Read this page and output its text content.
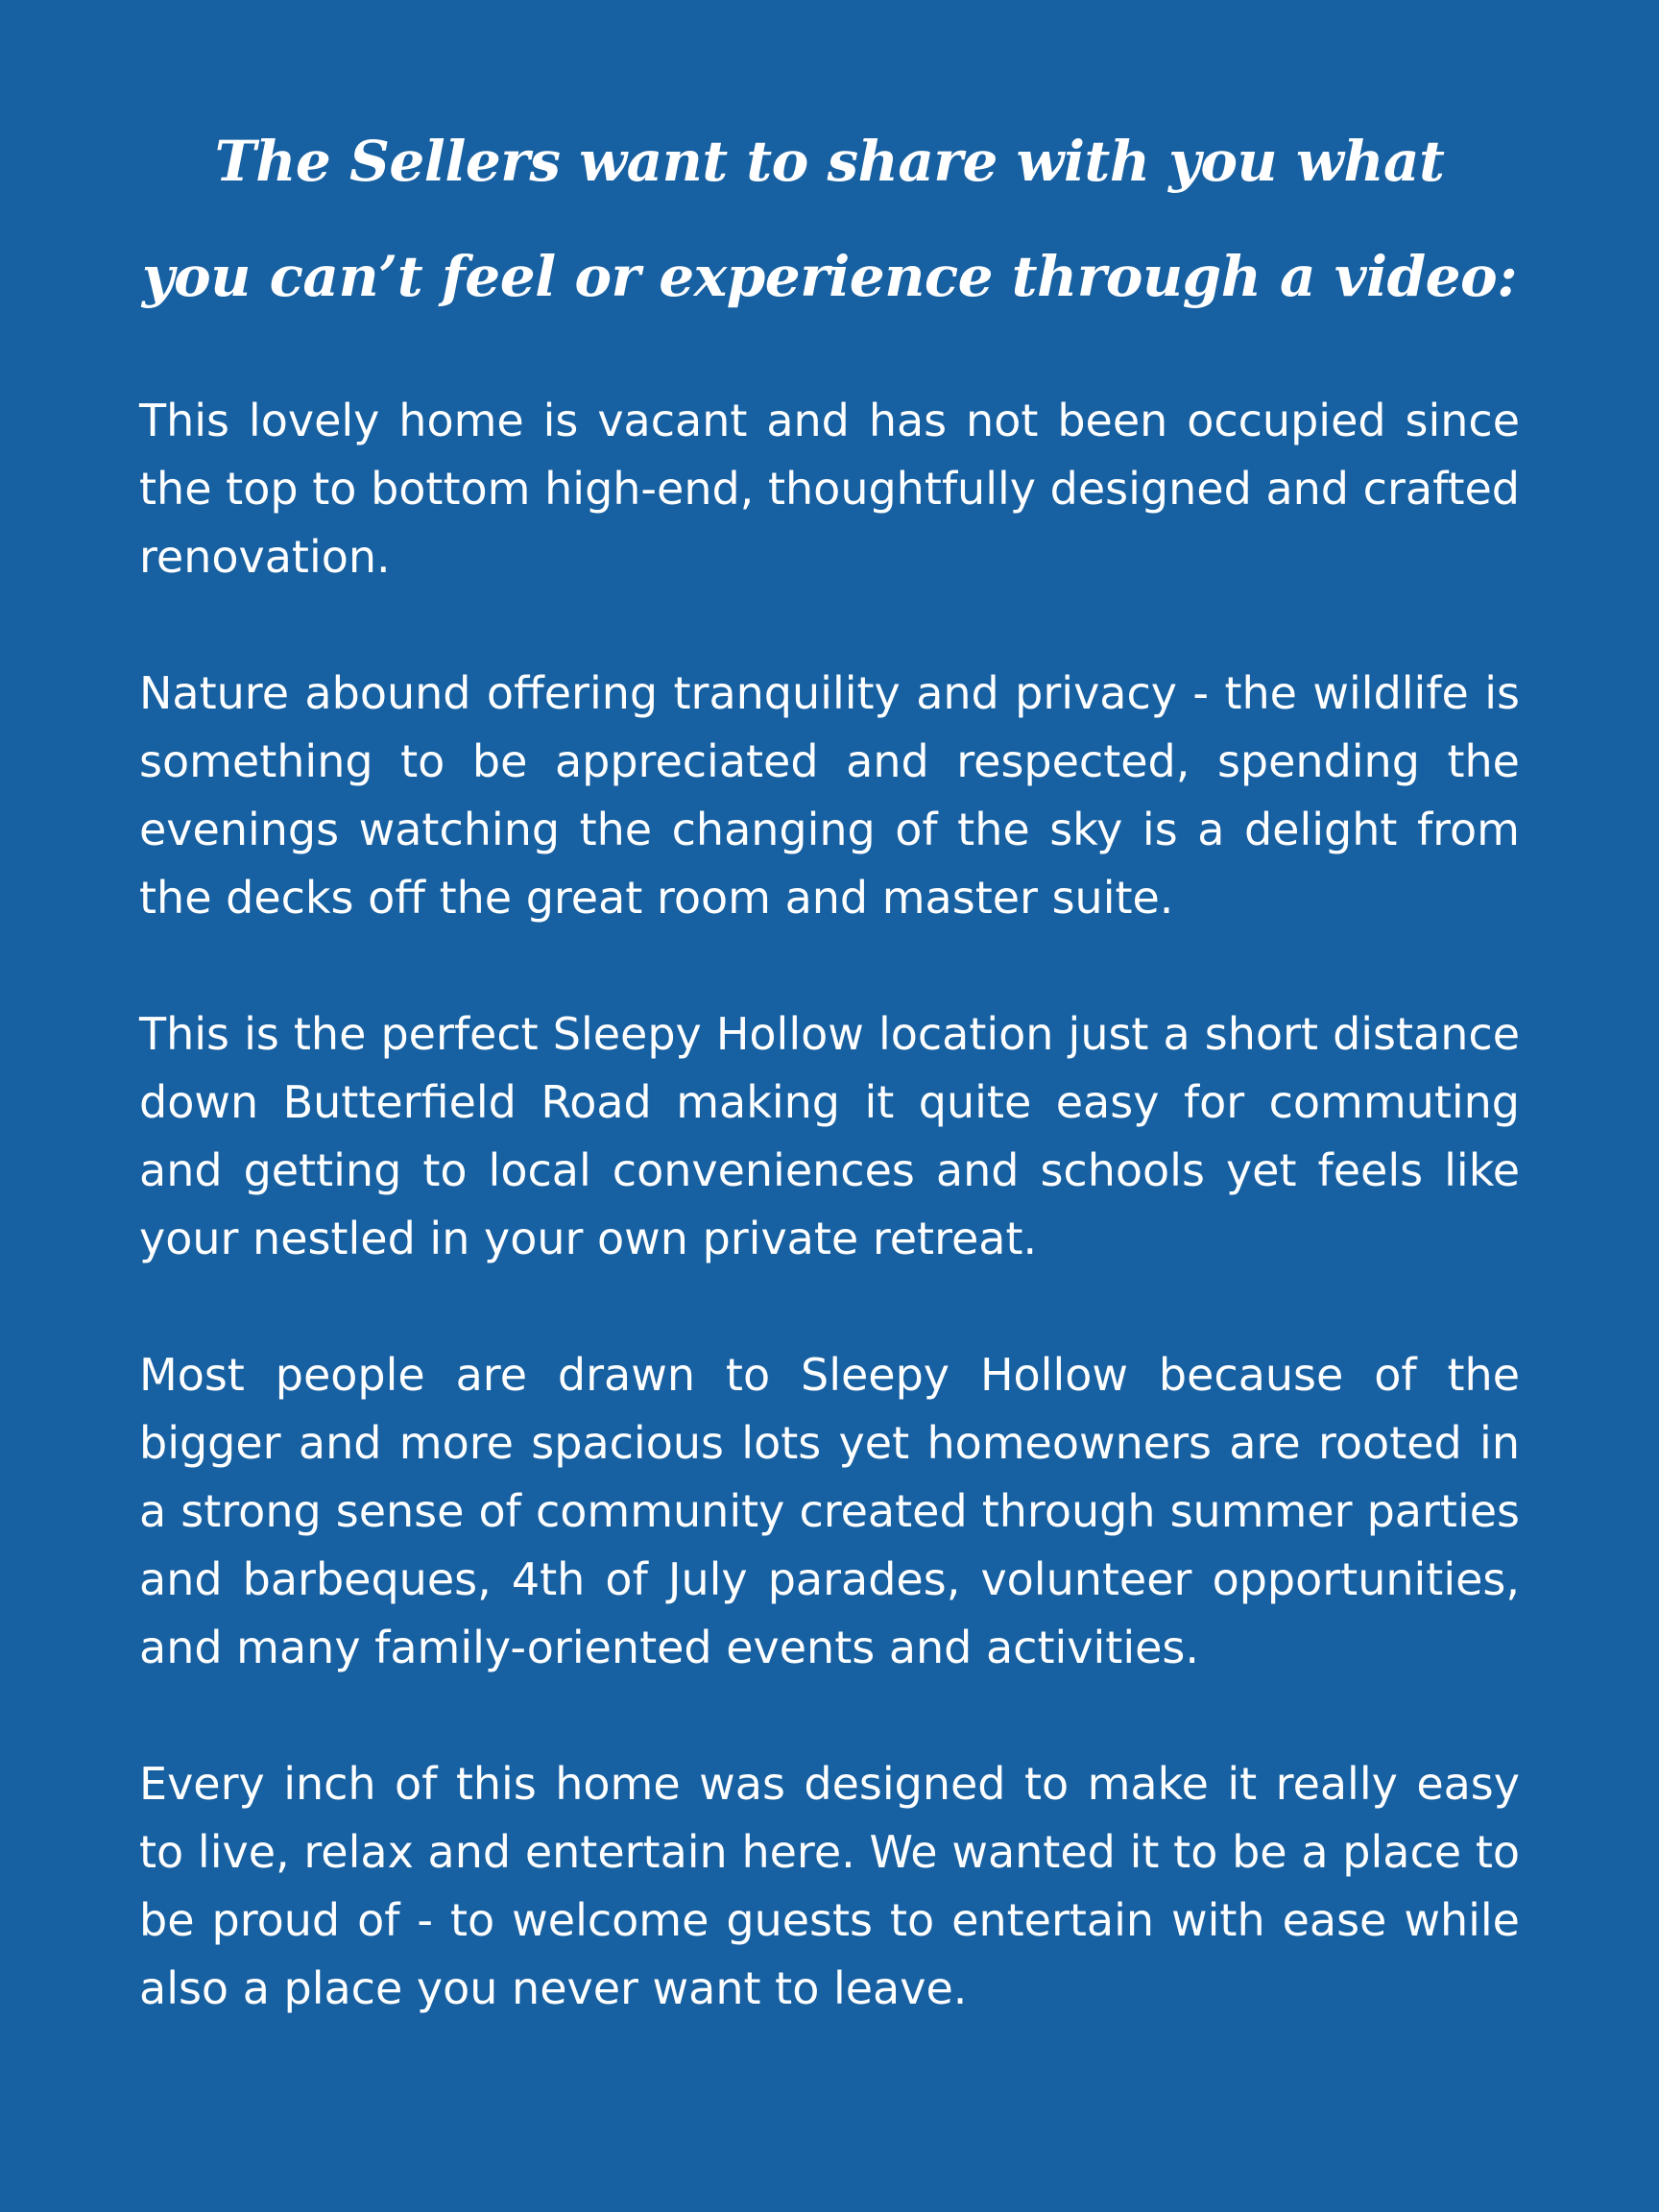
The Sellers want to share with you what
you can’t feel or experience through a video:

This lovely home is vacant and has not been occupied since the top to bottom high-end, thoughtfully designed and crafted renovation.

Nature abound offering tranquility and privacy - the wildlife is something to be appreciated and respected, spending the evenings watching the changing of the sky is a delight from the decks off the great room and master suite.

This is the perfect Sleepy Hollow location just a short distance down Butterfield Road making it quite easy for commuting and getting to local conveniences and schools yet feels like your nestled in your own private retreat.

Most people are drawn to Sleepy Hollow because of the bigger and more spacious lots yet homeowners are rooted in a strong sense of community created through summer parties and barbeques, 4th of July parades, volunteer opportunities, and many family-oriented events and activities.

Every inch of this home was designed to make it really easy to live, relax and entertain here. We wanted it to be a place to be proud of - to welcome guests to entertain with ease while also a place you never want to leave.
